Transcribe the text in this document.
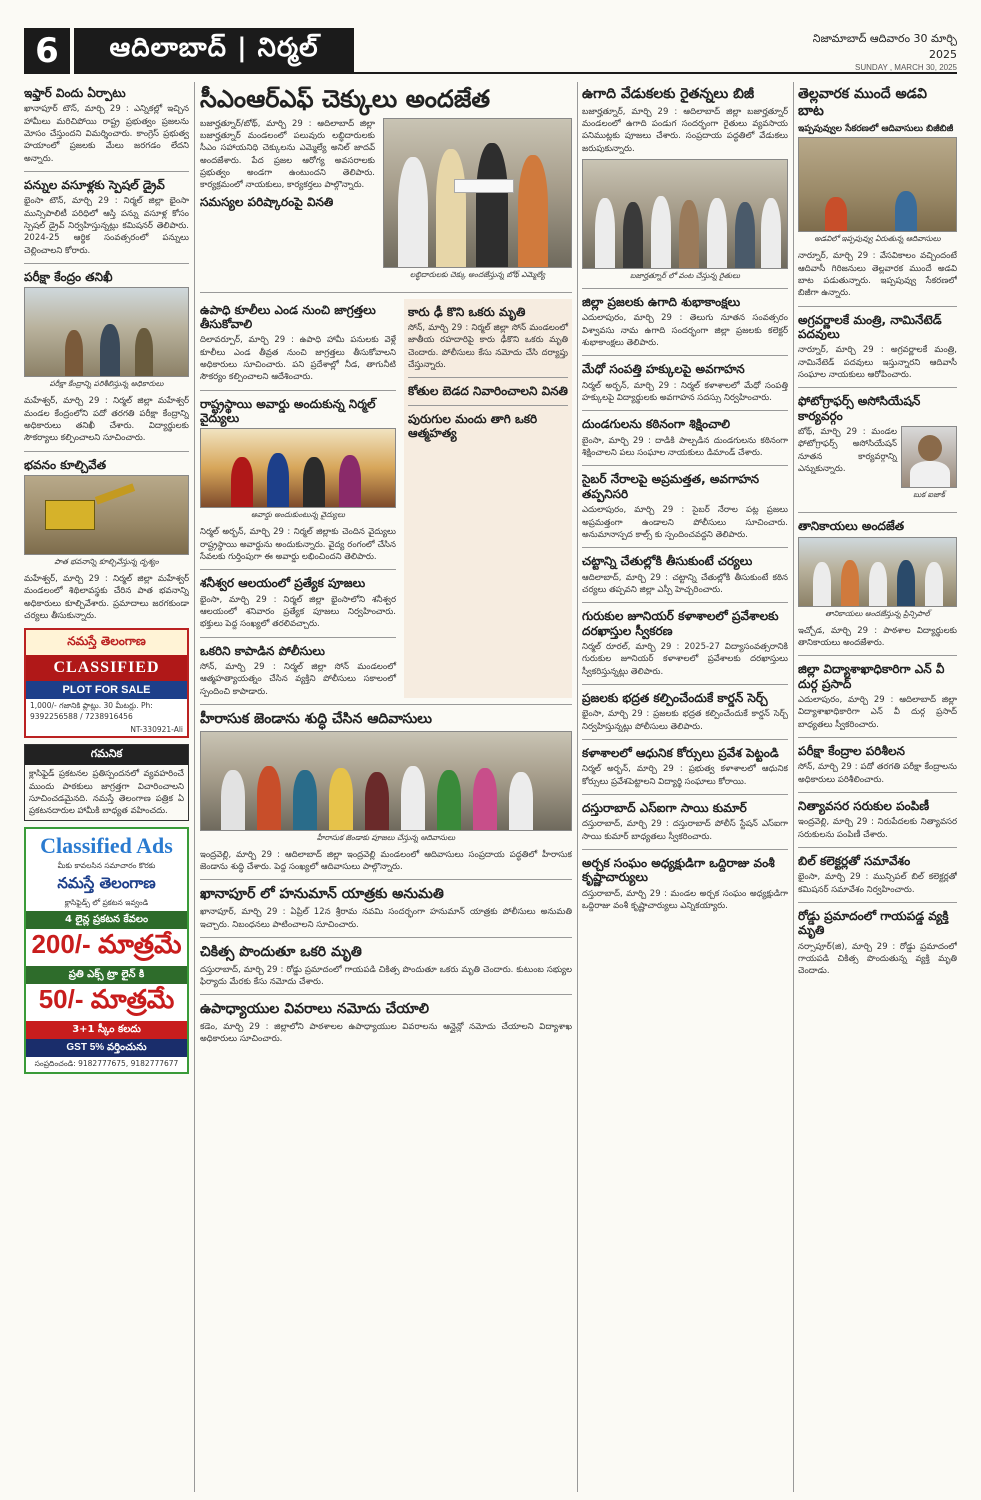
6	ఆదిలాబాద్ | నిర్మల్	నిజామాబాద్ ఆదివారం 30 మార్చి 2025
SUNDAY , MARCH 30, 2025
ఇఫ్తార్ విందు ఏర్పాటు
ఖానాపూర్ టౌన్, మార్చి 29 : ఎన్నికల్లో ఇచ్చిన హామీలు మరిచిపోయి రాష్ట్ర ప్రభుత్వం ప్రజలను మోసం చేస్తుందని విమర్శించారు. కాంగ్రెస్ ప్రభుత్వ హయాంలో ప్రజలకు మేలు జరగడం లేదని అన్నారు.
పన్నుల వసూళ్లకు స్పెషల్ డ్రైవ్
భైంసా టౌన్, మార్చి 29 : నిర్మల్ జిల్లా భైంసా మున్సిపాలిటీ పరిధిలో ఆస్తి పన్ను వసూళ్ల కోసం స్పెషల్ డ్రైవ్ నిర్వహిస్తున్నట్లు కమిషనర్ తెలిపారు. 2024-25 ఆర్థిక సంవత్సరంలో పన్నులు చెల్లించాలని కోరారు.
పరీక్షా కేంద్రం తనిఖీ
పరీక్షా కేంద్రాన్ని పరిశీలిస్తున్న అధికారులు
మహేశ్వర్, మార్చి 29 : నిర్మల్ జిల్లా మహేశ్వర్ మండల కేంద్రంలోని పదో తరగతి పరీక్షా కేంద్రాన్ని అధికారులు తనిఖీ చేశారు. విద్యార్థులకు సౌకర్యాలు కల్పించాలని సూచించారు.
భవనం కూల్చివేత
పాత భవనాన్ని కూల్చివేస్తున్న దృశ్యం
మహేశ్వర్, మార్చి 29 : నిర్మల్ జిల్లా మహేశ్వర్ మండలంలో శిథిలావస్థకు చేరిన పాత భవనాన్ని అధికారులు కూల్చివేశారు. ప్రమాదాలు జరగకుండా చర్యలు తీసుకున్నారు.
నమస్తే తెలంగాణ
CLASSIFIED
PLOT FOR SALE
1,000/- గజానికి ప్లాట్లు. 30 మీటర్లు. Ph: 9392256588 / 7238916456
NT-330921-Ali
గమనిక
క్లాసిఫైడ్ ప్రకటనల ప్రతిస్పందనలో వ్యవహరించే ముందు పాఠకులు జాగ్రత్తగా విచారించాలని సూచించడమైనది. నమస్తే తెలంగాణ పత్రిక ఏ ప్రకటనదారుల హామీకి బాధ్యత వహించదు.
Classified Ads
మీకు కావలసిన సమాచారం కొరకు
నమస్తే తెలంగాణ
క్లాసిఫైడ్స్ లో ప్రకటన ఇవ్వండి
4 లైన్ల ప్రకటన కేవలం
200/- మాత్రమే
ప్రతి ఎక్స్ ట్రా లైన్ కి
50/- మాత్రమే
3+1 స్కీం కలదు
GST 5% వర్తించును
సంప్రదించండి: 9182777675, 9182777677
సీఎంఆర్ఎఫ్ చెక్కులు అందజేత
బజార్హత్నూర్/బోథ్, మార్చి 29 : ఆదిలాబాద్ జిల్లా బజార్హత్నూర్ మండలంలో పలువురు లబ్ధిదారులకు సీఎం సహాయనిధి చెక్కులను ఎమ్మెల్యే అనిల్ జాదవ్ అందజేశారు. పేద ప్రజల ఆరోగ్య అవసరాలకు ప్రభుత్వం అండగా ఉంటుందని తెలిపారు. కార్యక్రమంలో నాయకులు, కార్యకర్తలు పాల్గొన్నారు.
సమస్యల పరిష్కారంపై వినతి
లబ్ధిదారులకు చెక్కు అందజేస్తున్న బోథ్ ఎమ్మెల్యే
ఉపాధి కూలీలు ఎండ నుంచి జాగ్రత్తలు తీసుకోవాలి
దిలావర్పూర్, మార్చి 29 : ఉపాధి హామీ పనులకు వెళ్లే కూలీలు ఎండ తీవ్రత నుంచి జాగ్రత్తలు తీసుకోవాలని అధికారులు సూచించారు. పని ప్రదేశాల్లో నీడ, తాగునీటి సౌకర్యం కల్పించాలని ఆదేశించారు.
రాష్ట్రస్థాయి అవార్డు అందుకున్న నిర్మల్ వైద్యులు
అవార్డు అందుకుంటున్న వైద్యులు
నిర్మల్ అర్బన్, మార్చి 29 : నిర్మల్ జిల్లాకు చెందిన వైద్యులు రాష్ట్రస్థాయి అవార్డును అందుకున్నారు. వైద్య రంగంలో చేసిన సేవలకు గుర్తింపుగా ఈ అవార్డు లభించిందని తెలిపారు.
శనీశ్వర ఆలయంలో ప్రత్యేక పూజలు
భైంసా, మార్చి 29 : నిర్మల్ జిల్లా భైంసాలోని శనీశ్వర ఆలయంలో శనివారం ప్రత్యేక పూజలు నిర్వహించారు. భక్తులు పెద్ద సంఖ్యలో తరలివచ్చారు.
ఒకరిని కాపాడిన పోలీసులు
సోన్, మార్చి 29 : నిర్మల్ జిల్లా సోన్ మండలంలో ఆత్మహత్యాయత్నం చేసిన వ్యక్తిని పోలీసులు సకాలంలో స్పందించి కాపాడారు.
కారు ఢీ కొని ఒకరు మృతి
సోన్, మార్చి 29 : నిర్మల్ జిల్లా సోన్ మండలంలో జాతీయ రహదారిపై కారు ఢీకొని ఒకరు మృతి చెందారు. పోలీసులు కేసు నమోదు చేసి దర్యాప్తు చేస్తున్నారు.
కోతుల బెడద నివారించాలని వినతి
పురుగుల మందు తాగి ఒకరి ఆత్మహత్య
హీరాసుక జెండాను శుద్ధి చేసిన ఆదివాసులు
హీరాసుక జెండాకు పూజలు చేస్తున్న ఆదివాసులు
ఇంద్రవెల్లి, మార్చి 29 : ఆదిలాబాద్ జిల్లా ఇంద్రవెల్లి మండలంలో ఆదివాసులు సంప్రదాయ పద్ధతిలో హీరాసుక జెండాను శుద్ధి చేశారు. పెద్ద సంఖ్యలో ఆదివాసులు పాల్గొన్నారు.
ఖానాపూర్ లో హనుమాన్ యాత్రకు అనుమతి
ఖానాపూర్, మార్చి 29 : ఏప్రిల్ 12న శ్రీరామ నవమి సందర్భంగా హనుమాన్ యాత్రకు పోలీసులు అనుమతి ఇచ్చారు. నిబంధనలు పాటించాలని సూచించారు.
చికిత్స పొందుతూ ఒకరి మృతి
దస్తురాబాద్, మార్చి 29 : రోడ్డు ప్రమాదంలో గాయపడి చికిత్స పొందుతూ ఒకరు మృతి చెందారు. కుటుంబ సభ్యుల ఫిర్యాదు మేరకు కేసు నమోదు చేశారు.
ఉపాధ్యాయుల వివరాలు నమోదు చేయాలి
కడెం, మార్చి 29 : జిల్లాలోని పాఠశాలల ఉపాధ్యాయుల వివరాలను ఆన్లైన్లో నమోదు చేయాలని విద్యాశాఖ అధికారులు సూచించారు.
ఉగాది వేడుకలకు రైతన్నలు బిజీ
బజార్హత్నూర్, మార్చి 29 : ఆదిలాబాద్ జిల్లా బజార్హత్నూర్ మండలంలో ఉగాది పండుగ సందర్భంగా రైతులు వ్యవసాయ పనిముట్లకు పూజలు చేశారు. సంప్రదాయ పద్ధతిలో వేడుకలు జరుపుకున్నారు.
బజార్హత్నూర్ లో వంట చేస్తున్న రైతులు
జిల్లా ప్రజలకు ఉగాది శుభాకాంక్షలు
ఎదులాపురం, మార్చి 29 : తెలుగు నూతన సంవత్సరం విశ్వావసు నామ ఉగాది సందర్భంగా జిల్లా ప్రజలకు కలెక్టర్ శుభాకాంక్షలు తెలిపారు.
మేధో సంపత్తి హక్కులపై అవగాహన
నిర్మల్ అర్బన్, మార్చి 29 : నిర్మల్ కళాశాలలో మేధో సంపత్తి హక్కులపై విద్యార్థులకు అవగాహన సదస్సు నిర్వహించారు.
దుండగులను కఠినంగా శిక్షించాలి
బైంసా, మార్చి 29 : దాడికి పాల్పడిన దుండగులను కఠినంగా శిక్షించాలని పలు సంఘాల నాయకులు డిమాండ్ చేశారు.
సైబర్ నేరాలపై అప్రమత్తత, అవగాహన తప్పనిసరి
ఎదులాపురం, మార్చి 29 : సైబర్ నేరాల పట్ల ప్రజలు అప్రమత్తంగా ఉండాలని పోలీసులు సూచించారు. అనుమానాస్పద కాల్స్ కు స్పందించవద్దని తెలిపారు.
చట్టాన్ని చేతుల్లోకి తీసుకుంటే చర్యలు
ఆదిలాబాద్, మార్చి 29 : చట్టాన్ని చేతుల్లోకి తీసుకుంటే కఠిన చర్యలు తప్పవని జిల్లా ఎస్పీ హెచ్చరించారు.
గురుకుల జూనియర్ కళాశాలలో ప్రవేశాలకు దరఖాస్తుల స్వీకరణ
నిర్మల్ రూరల్, మార్చి 29 : 2025-27 విద్యాసంవత్సరానికి గురుకుల జూనియర్ కళాశాలలో ప్రవేశాలకు దరఖాస్తులు స్వీకరిస్తున్నట్లు తెలిపారు.
ప్రజలకు భద్రత కల్పించేందుకే కార్డన్ సెర్చ్
భైంసా, మార్చి 29 : ప్రజలకు భద్రత కల్పించేందుకే కార్డన్ సెర్చ్ నిర్వహిస్తున్నట్లు పోలీసులు తెలిపారు.
కళాశాలలో ఆధునిక కోర్సులు ప్రవేశ పెట్టండి
నిర్మల్ అర్బన్, మార్చి 29 : ప్రభుత్వ కళాశాలలో ఆధునిక కోర్సులు ప్రవేశపెట్టాలని విద్యార్థి సంఘాలు కోరాయి.
దస్తురాబాద్ ఎస్ఐగా సాయి కుమార్
దస్తురాబాద్, మార్చి 29 : దస్తురాబాద్ పోలీస్ స్టేషన్ ఎస్ఐగా సాయి కుమార్ బాధ్యతలు స్వీకరించారు.
అర్చక సంఘం అధ్యక్షుడిగా ఒద్దిరాజు వంశీ కృష్ణాచార్యులు
దస్తురాబాద్, మార్చి 29 : మండల అర్చక సంఘం అధ్యక్షుడిగా ఒద్దిరాజు వంశీ కృష్ణాచార్యులు ఎన్నికయ్యారు.
తెల్లవారక ముందే అడవి బాట
ఇప్పపువ్వుల సేకరణలో ఆదివాసులు బిజీబిజీ
అడవిలో ఇప్పపువ్వు ఏరుతున్న ఆదివాసులు
నార్నూర్, మార్చి 29 : వేసవికాలం వచ్చిందంటే ఆదివాసీ గిరిజనులు తెల్లవారక ముందే అడవి బాట పడుతున్నారు. ఇప్పపువ్వు సేకరణలో బిజీగా ఉన్నారు.
అగ్రవర్ణాలకే మంత్రి, నామినేటెడ్ పదవులు
నార్నూర్, మార్చి 29 : అగ్రవర్ణాలకే మంత్రి, నామినేటెడ్ పదవులు ఇస్తున్నారని ఆదివాసీ సంఘాల నాయకులు ఆరోపించారు.
ఫోటోగ్రాఫర్స్ అసోసియేషన్ కార్యవర్గం
బోథ్, మార్చి 29 : మండల ఫోటోగ్రాఫర్స్ అసోసియేషన్ నూతన కార్యవర్గాన్ని ఎన్నుకున్నారు.
బుక ఐజాక్
తానికాయలు అందజేత
తానికాయలు అందజేస్తున్న ప్రిన్సిపాల్
ఇచ్చోడ, మార్చి 29 : పాఠశాల విద్యార్థులకు తానికాయలు అందజేశారు.
జిల్లా విద్యాశాఖాధికారిగా ఎన్ వీ దుర్గ ప్రసాద్
ఎదులాపురం, మార్చి 29 : ఆదిలాబాద్ జిల్లా విద్యాశాఖాధికారిగా ఎన్ వీ దుర్గ ప్రసాద్ బాధ్యతలు స్వీకరించారు.
పరీక్షా కేంద్రాల పరిశీలన
సోన్, మార్చి 29 : పదో తరగతి పరీక్షా కేంద్రాలను అధికారులు పరిశీలించారు.
నిత్యావసర సరుకుల పంపిణీ
ఇంద్రవెల్లి, మార్చి 29 : నిరుపేదలకు నిత్యావసర సరుకులను పంపిణీ చేశారు.
బిల్ కలెక్టర్లతో సమావేశం
భైంసా, మార్చి 29 : మున్సిపల్ బిల్ కలెక్టర్లతో కమిషనర్ సమావేశం నిర్వహించారు.
రోడ్డు ప్రమాదంలో గాయపడ్డ వ్యక్తి మృతి
నర్సాపూర్(జి), మార్చి 29 : రోడ్డు ప్రమాదంలో గాయపడి చికిత్స పొందుతున్న వ్యక్తి మృతి చెందాడు.
